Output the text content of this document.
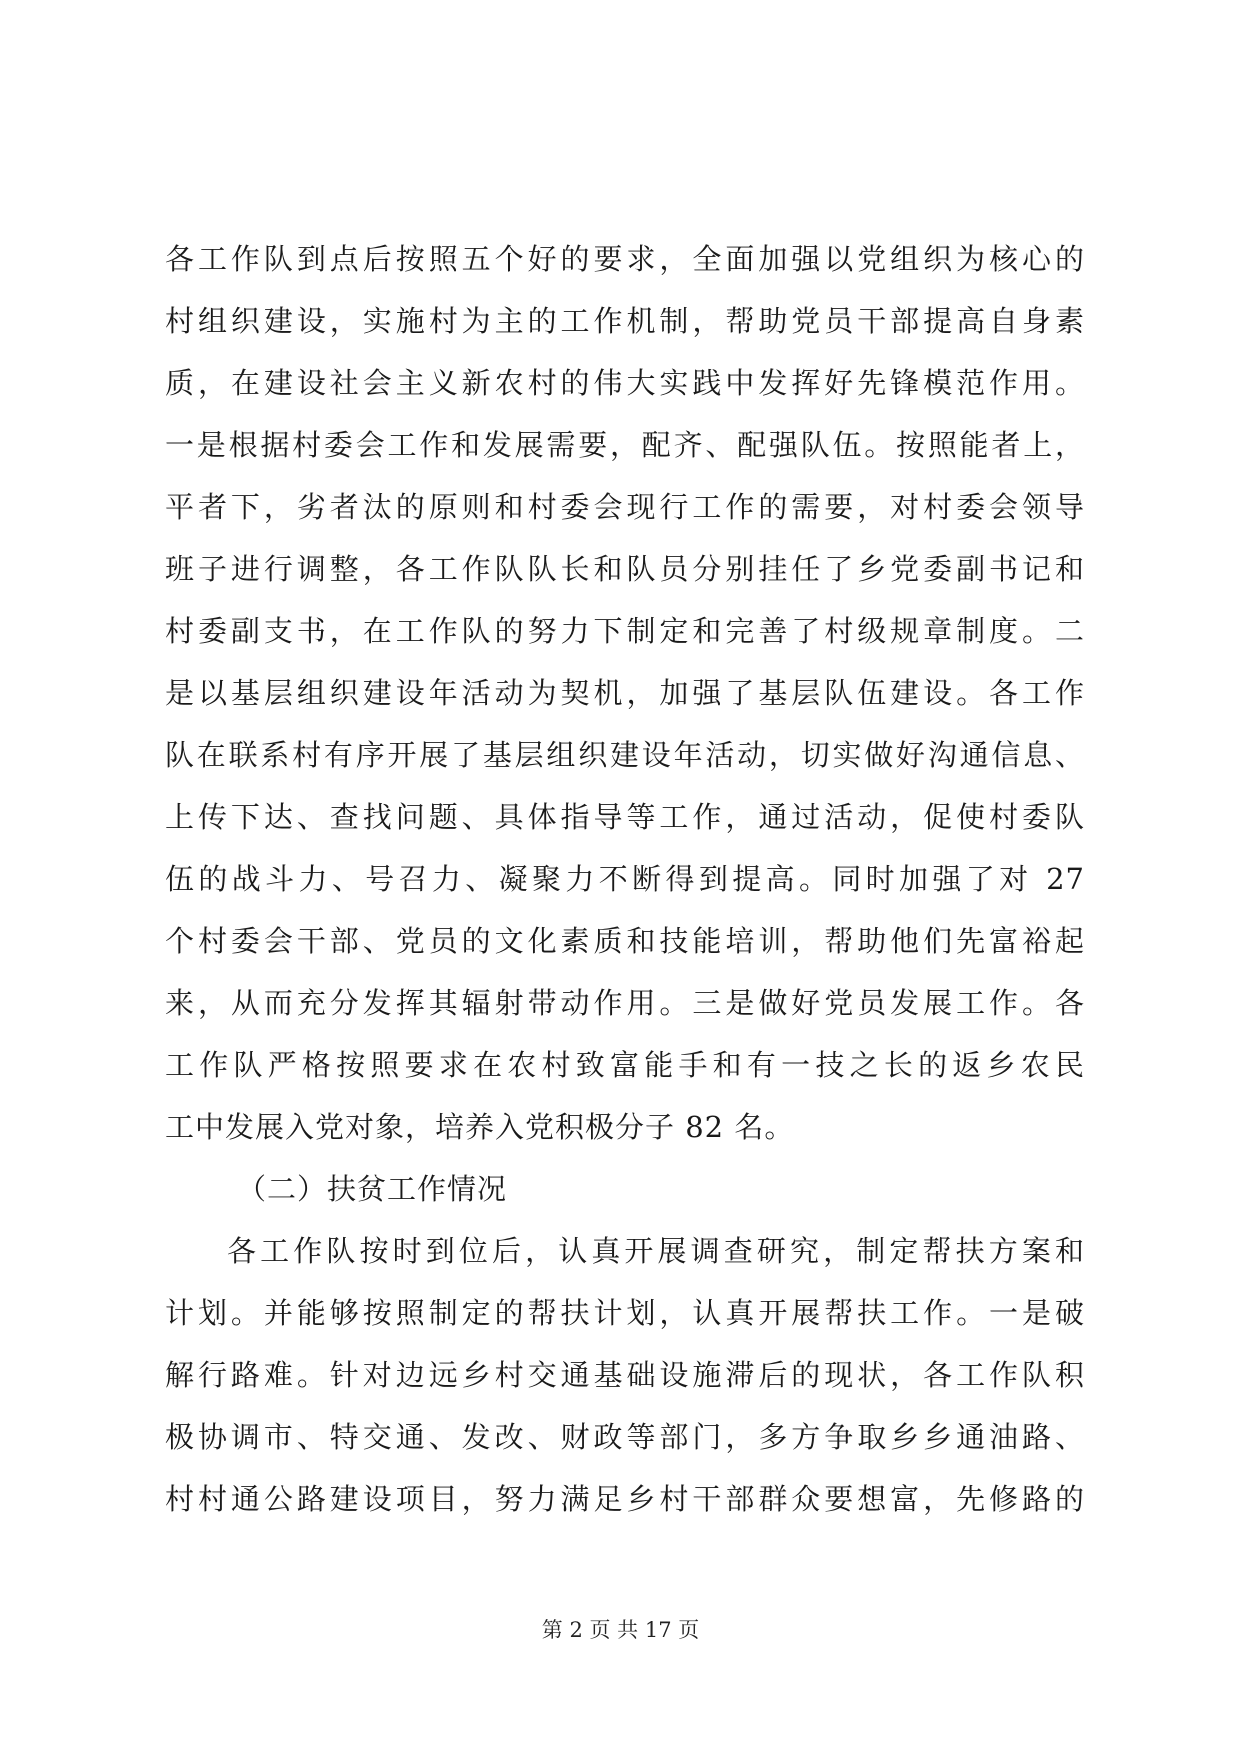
各工作队到点后按照五个好的要求，全面加强以党组织为核心的
村组织建设，实施村为主的工作机制，帮助党员干部提高自身素
质，在建设社会主义新农村的伟大实践中发挥好先锋模范作用。
一是根据村委会工作和发展需要，配齐、配强队伍。按照能者上，
平者下，劣者汰的原则和村委会现行工作的需要，对村委会领导
班子进行调整，各工作队队长和队员分别挂任了乡党委副书记和
村委副支书，在工作队的努力下制定和完善了村级规章制度。二
是以基层组织建设年活动为契机，加强了基层队伍建设。各工作
队在联系村有序开展了基层组织建设年活动，切实做好沟通信息、
上传下达、查找问题、具体指导等工作，通过活动，促使村委队
伍的战斗力、号召力、凝聚力不断得到提高。同时加强了对 27
个村委会干部、党员的文化素质和技能培训，帮助他们先富裕起
来，从而充分发挥其辐射带动作用。三是做好党员发展工作。各
工作队严格按照要求在农村致富能手和有一技之长的返乡农民
工中发展入党对象，培养入党积极分子 82 名。
（二）扶贫工作情况
各工作队按时到位后，认真开展调查研究，制定帮扶方案和
计划。并能够按照制定的帮扶计划，认真开展帮扶工作。一是破
解行路难。针对边远乡村交通基础设施滞后的现状，各工作队积
极协调市、特交通、发改、财政等部门，多方争取乡乡通油路、
村村通公路建设项目，努力满足乡村干部群众要想富，先修路的
第 2 页 共 17 页
